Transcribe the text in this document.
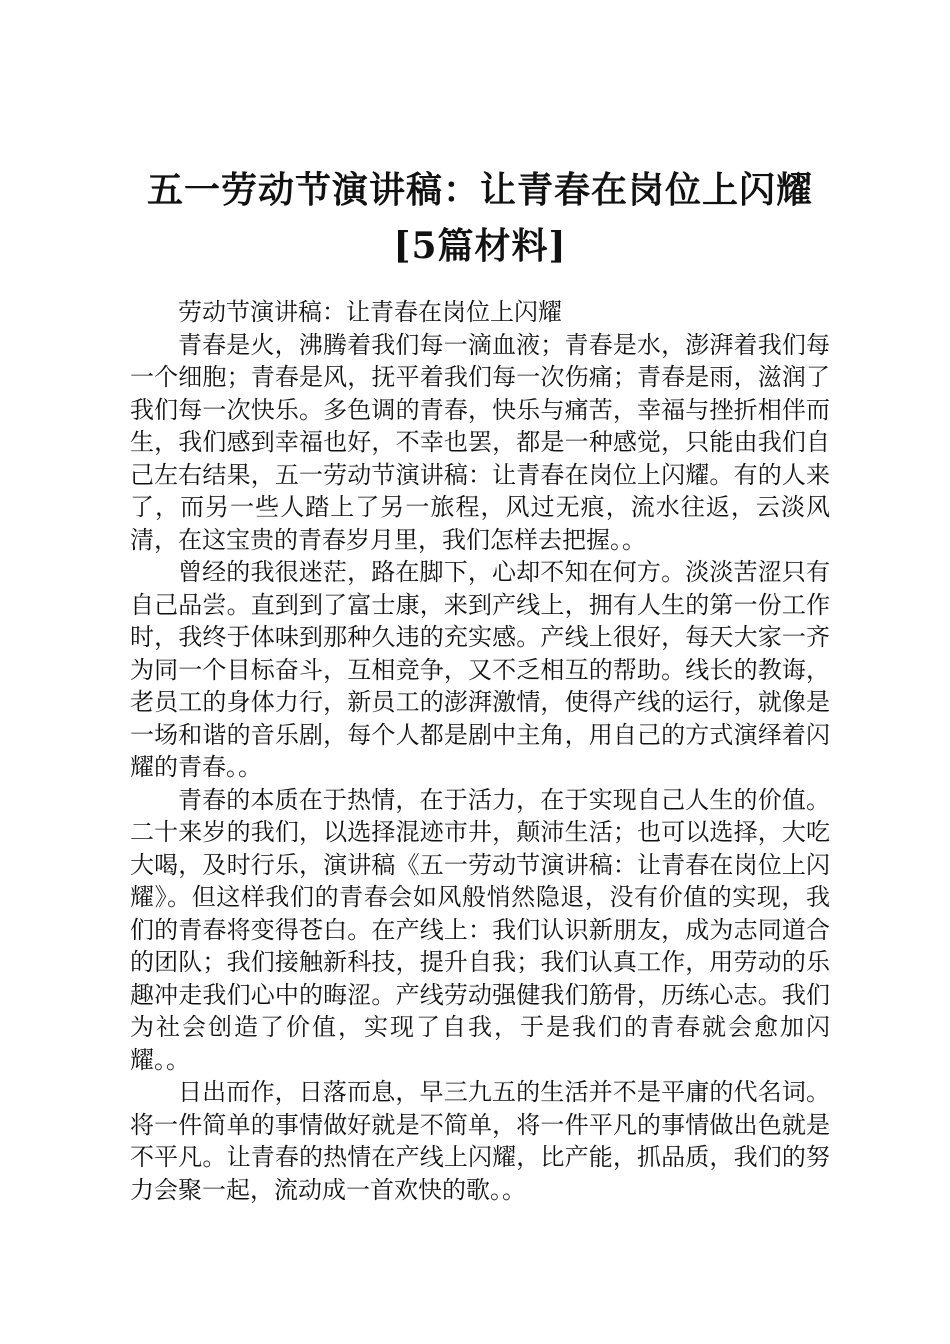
五一劳动节演讲稿：让青春在岗位上闪耀[5篇材料]

劳动节演讲稿：让青春在岗位上闪耀

青春是火，沸腾着我们每一滴血液；青春是水，澎湃着我们每一个细胞；青春是风，抚平着我们每一次伤痛；青春是雨，滋润了我们每一次快乐。多色调的青春，快乐与痛苦，幸福与挫折相伴而生，我们感到幸福也好，不幸也罢，都是一种感觉，只能由我们自己左右结果，五一劳动节演讲稿：让青春在岗位上闪耀。有的人来了，而另一些人踏上了另一旅程，风过无痕，流水往返，云淡风清，在这宝贵的青春岁月里，我们怎样去把握。。

曾经的我很迷茫，路在脚下，心却不知在何方。淡淡苦涩只有自己品尝。直到到了富士康，来到产线上，拥有人生的第一份工作时，我终于体味到那种久违的充实感。产线上很好，每天大家一齐为同一个目标奋斗，互相竞争，又不乏相互的帮助。线长的教诲，老员工的身体力行，新员工的澎湃激情，使得产线的运行，就像是一场和谐的音乐剧，每个人都是剧中主角，用自己的方式演绎着闪耀的青春。。

青春的本质在于热情，在于活力，在于实现自己人生的价值。二十来岁的我们，以选择混迹市井，颠沛生活；也可以选择，大吃大喝，及时行乐，演讲稿《五一劳动节演讲稿：让青春在岗位上闪耀》。但这样我们的青春会如风般悄然隐退，没有价值的实现，我们的青春将变得苍白。在产线上：我们认识新朋友，成为志同道合的团队；我们接触新科技，提升自我；我们认真工作，用劳动的乐趣冲走我们心中的晦涩。产线劳动强健我们筋骨，历练心志。我们为社会创造了价值，实现了自我，于是我们的青春就会愈加闪耀。。

日出而作，日落而息，早三九五的生活并不是平庸的代名词。将一件简单的事情做好就是不简单，将一件平凡的事情做出色就是不平凡。让青春的热情在产线上闪耀，比产能，抓品质，我们的努力会聚一起，流动成一首欢快的歌。。
